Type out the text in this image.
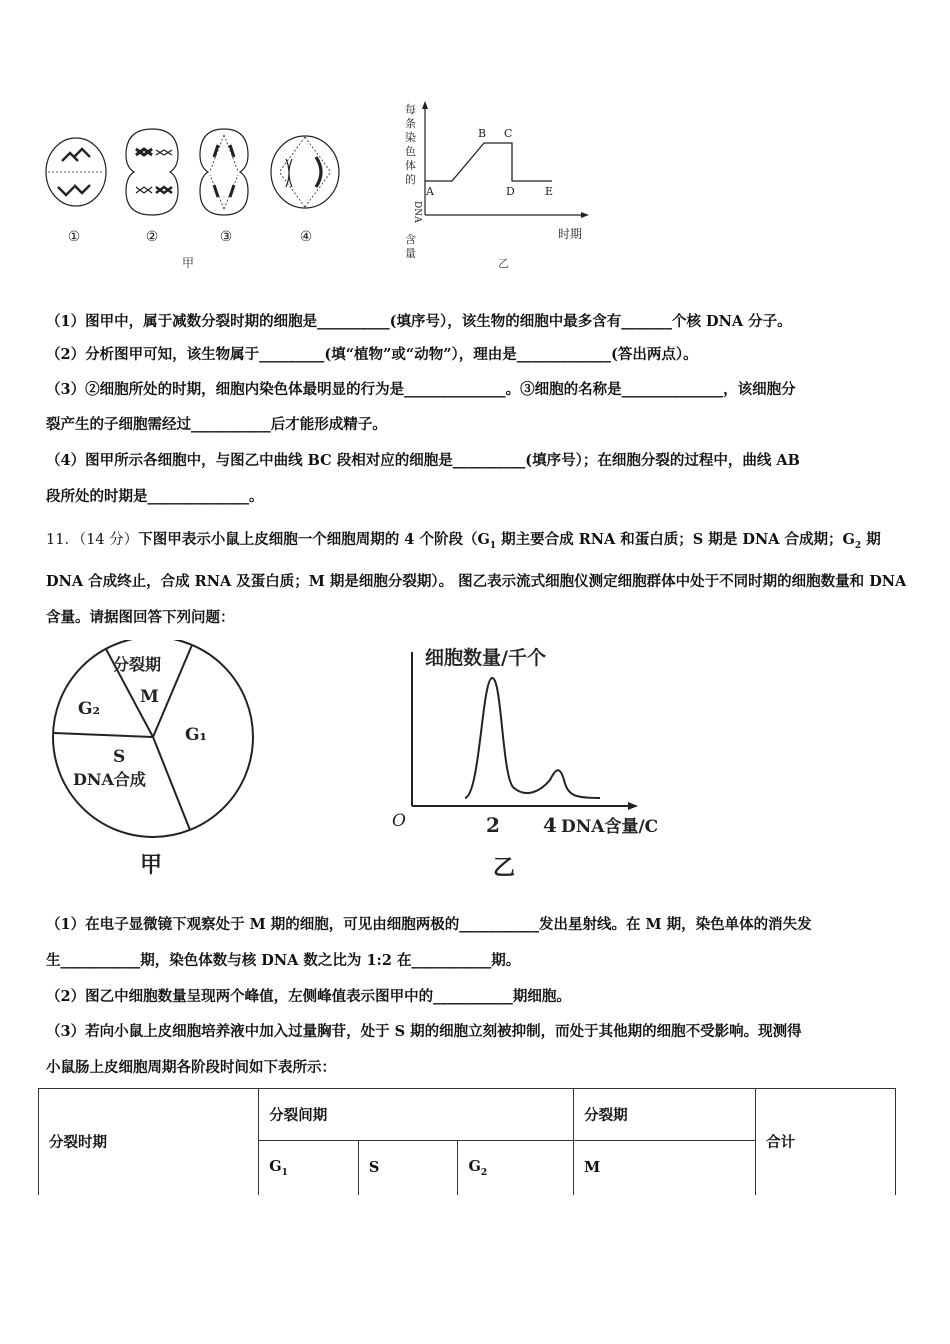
①	②	③	④
甲
每
条
染
色
体
的
DNA
含
量
A
B C
D	E
时期
乙
（1）图甲中，属于减数分裂时期的细胞是__________(填序号），该生物的细胞中最多含有_______个核 DNA 分子。
（2）分析图甲可知，该生物属于_________(填“植物”或“动物”），理由是_____________(答出两点）。
（3）②细胞所处的时期，细胞内染色体最明显的行为是______________。③细胞的名称是______________，该细胞分
裂产生的子细胞需经过___________后才能形成精子。
（4）图甲所示各细胞中，与图乙中曲线 BC 段相对应的细胞是__________(填序号）；在细胞分裂的过程中，曲线 AB
段所处的时期是______________。
11．（14 分）下图甲表示小鼠上皮细胞一个细胞周期的 4 个阶段（$G_1$ 期主要合成 RNA 和蛋白质；S 期是 DNA 合成期；$G_2$ 期 DNA 合成终止，合成 RNA 及蛋白质；M 期是细胞分裂期）。 图乙表示流式细胞仪测定细胞群体中处于不同时期的细胞数量和 DNA 含量。请据图回答下列问题：
分裂期
M
G₂
G₁
S
DNA合成
甲
细胞数量/千个
O	2 4 DNA含量/C
乙
（1）在电子显微镜下观察处于 M 期的细胞，可见由细胞两极的___________发出星射线。在 M 期，染色单体的消失发
生___________期，染色体数与核 DNA 数之比为 1:2 在___________期。
（2）图乙中细胞数量呈现两个峰值，左侧峰值表示图甲中的___________期细胞。
（3）若向小鼠上皮细胞培养液中加入过量胸苷，处于 S 期的细胞立刻被抑制，而处于其他期的细胞不受影响。现测得
小鼠肠上皮细胞周期各阶段时间如下表所示：
分裂时期	分裂间期			分裂期	合计
	$G_1$	S	$G_2$	M	
